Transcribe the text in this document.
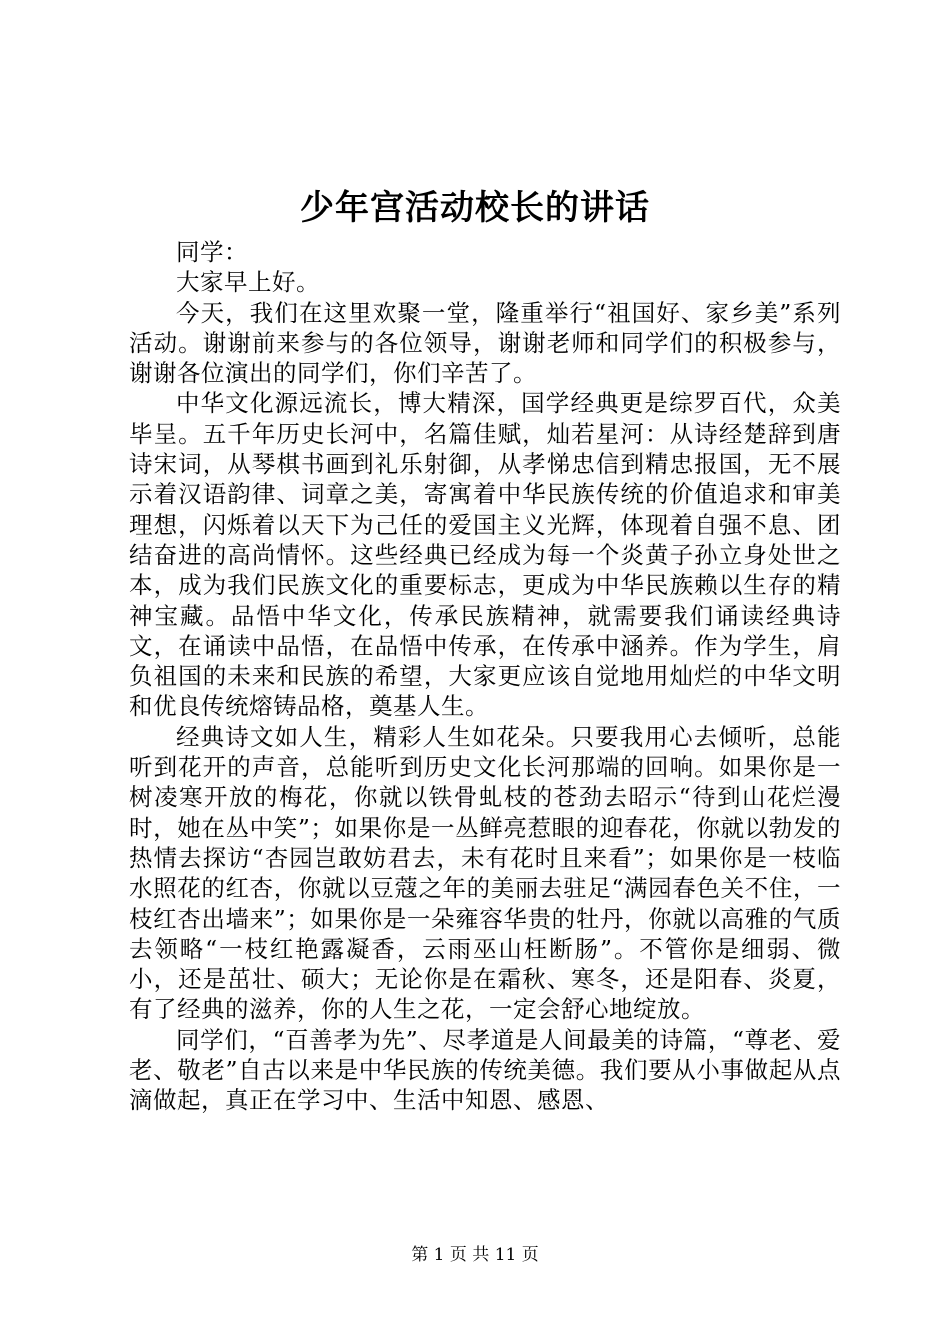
少年宫活动校长的讲话

同学：

大家早上好。

今天，我们在这里欢聚一堂，隆重举行“祖国好、家乡美”系列活动。谢谢前来参与的各位领导，谢谢老师和同学们的积极参与，谢谢各位演出的同学们，你们辛苦了。

中华文化源远流长，博大精深，国学经典更是综罗百代，众美毕呈。五千年历史长河中，名篇佳赋，灿若星河：从诗经楚辞到唐诗宋词，从琴棋书画到礼乐射御，从孝悌忠信到精忠报国，无不展示着汉语韵律、词章之美，寄寓着中华民族传统的价值追求和审美理想，闪烁着以天下为己任的爱国主义光辉，体现着自强不息、团结奋进的高尚情怀。这些经典已经成为每一个炎黄子孙立身处世之本，成为我们民族文化的重要标志，更成为中华民族赖以生存的精神宝藏。品悟中华文化，传承民族精神，就需要我们诵读经典诗文，在诵读中品悟，在品悟中传承，在传承中涵养。作为学生，肩负祖国的未来和民族的希望，大家更应该自觉地用灿烂的中华文明和优良传统熔铸品格，奠基人生。

经典诗文如人生，精彩人生如花朵。只要我用心去倾听，总能听到花开的声音，总能听到历史文化长河那端的回响。如果你是一树凌寒开放的梅花，你就以铁骨虬枝的苍劲去昭示“待到山花烂漫时，她在丛中笑”；如果你是一丛鲜亮惹眼的迎春花，你就以勃发的热情去探访“杏园岂敢妨君去，未有花时且来看”；如果你是一枝临水照花的红杏，你就以豆蔻之年的美丽去驻足“满园春色关不住，一枝红杏出墙来”；如果你是一朵雍容华贵的牡丹，你就以高雅的气质去领略“一枝红艳露凝香，云雨巫山枉断肠”。不管你是细弱、微小，还是茁壮、硕大；无论你是在霜秋、寒冬，还是阳春、炎夏，有了经典的滋养，你的人生之花，一定会舒心地绽放。

同学们，“百善孝为先”、尽孝道是人间最美的诗篇，“尊老、爱老、敬老”自古以来是中华民族的传统美德。我们要从小事做起从点滴做起，真正在学习中、生活中知恩、感恩、

第 1 页 共 11 页
